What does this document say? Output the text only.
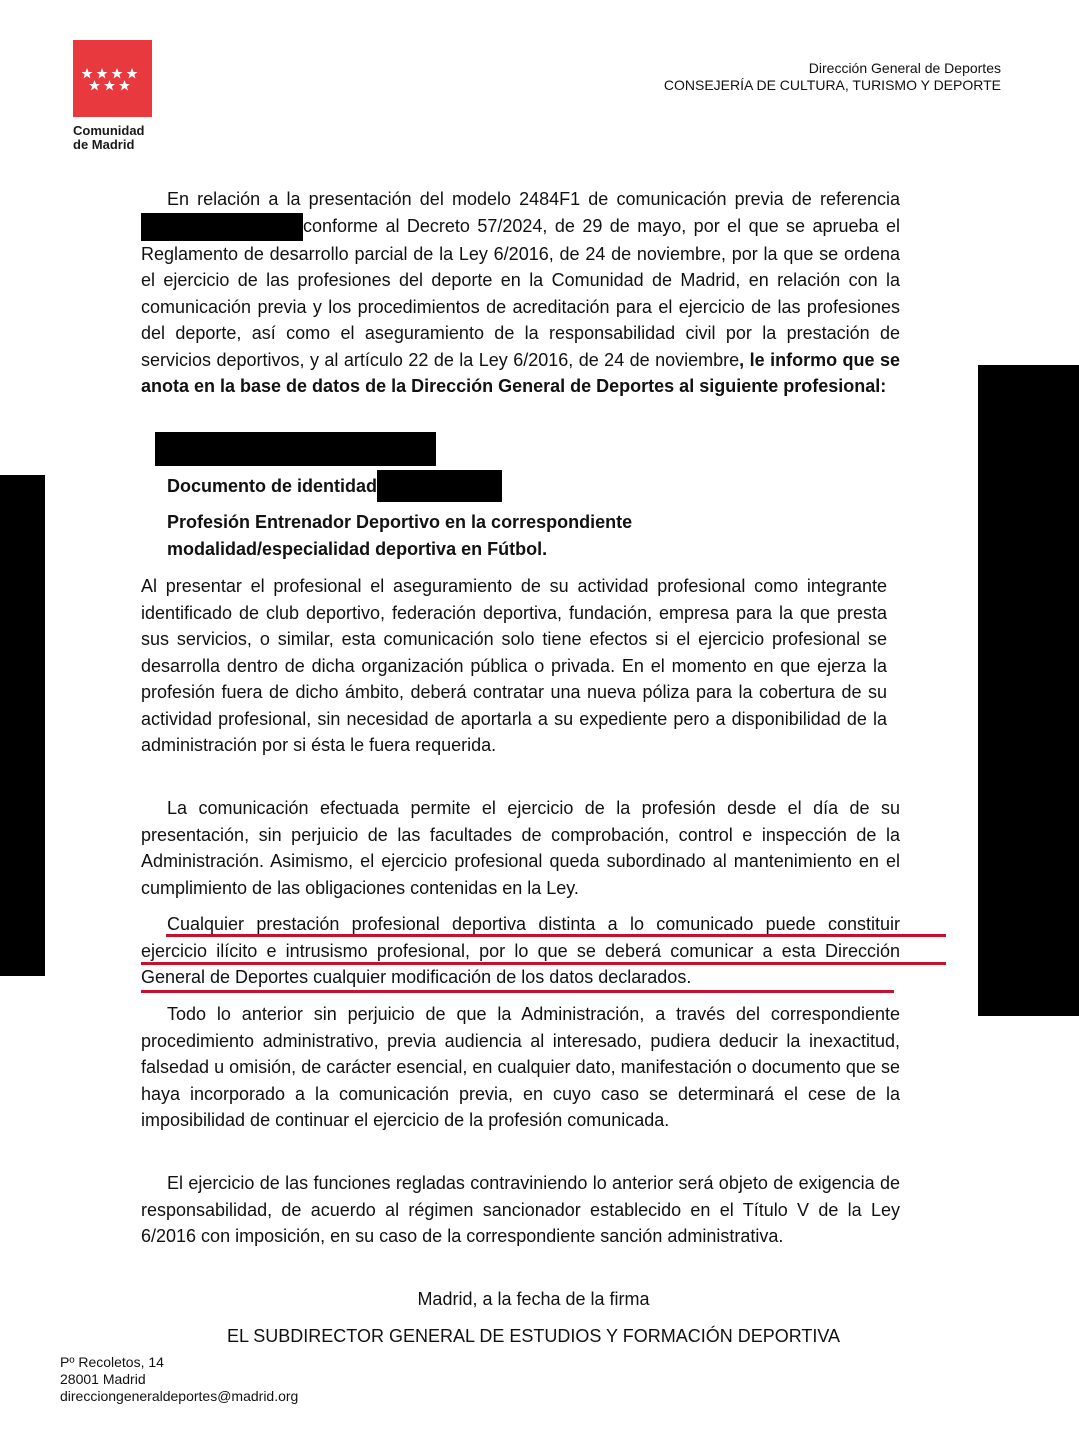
Comunidad
de Madrid
Dirección General de Deportes
CONSEJERÍA DE CULTURA, TURISMO Y DEPORTE
En relación a la presentación del modelo 2484F1 de comunicación previa de referenciaconforme al Decreto 57/2024, de 29 de mayo, por el que se aprueba el Reglamento de desarrollo parcial de la Ley 6/2016, de 24 de noviembre, por la que se ordena el ejercicio de las profesiones del deporte en la Comunidad de Madrid, en relación con la comunicación previa y los procedimientos de acreditación para el ejercicio de las profesiones del deporte, así como el aseguramiento de la responsabilidad civil por la prestación de servicios deportivos, y al artículo 22 de la Ley 6/2016, de 24 de noviembre, le informo que se anota en la base de datos de la Dirección General de Deportes al siguiente profesional:
Documento de identidad
Profesión Entrenador Deportivo en la correspondiente
modalidad/especialidad deportiva en Fútbol.
Al presentar el profesional el aseguramiento de su actividad profesional como integrante identificado de club deportivo, federación deportiva, fundación, empresa para la que presta sus servicios, o similar, esta comunicación solo tiene efectos si el ejercicio profesional se desarrolla dentro de dicha organización pública o privada. En el momento en que ejerza la profesión fuera de dicho ámbito, deberá contratar una nueva póliza para la cobertura de su actividad profesional, sin necesidad de aportarla a su expediente pero a disponibilidad de la administración por si ésta le fuera requerida.
La comunicación efectuada permite el ejercicio de la profesión desde el día de su presentación, sin perjuicio de las facultades de comprobación, control e inspección de la Administración. Asimismo, el ejercicio profesional queda subordinado al mantenimiento en el cumplimiento de las obligaciones contenidas en la Ley.
Cualquier prestación profesional deportiva distinta a lo comunicado puede constituir ejercicio ilícito e intrusismo profesional, por lo que se deberá comunicar a esta Dirección General de Deportes cualquier modificación de los datos declarados.
Todo lo anterior sin perjuicio de que la Administración, a través del correspondiente procedimiento administrativo, previa audiencia al interesado, pudiera deducir la inexactitud, falsedad u omisión, de carácter esencial, en cualquier dato, manifestación o documento que se haya incorporado a la comunicación previa, en cuyo caso se determinará el cese de la imposibilidad de continuar el ejercicio de la profesión comunicada.
El ejercicio de las funciones regladas contraviniendo lo anterior será objeto de exigencia de responsabilidad, de acuerdo al régimen sancionador establecido en el Título V de la Ley 6/2016 con imposición, en su caso de la correspondiente sanción administrativa.
Madrid, a la fecha de la firma
EL SUBDIRECTOR GENERAL DE ESTUDIOS Y FORMACIÓN DEPORTIVA
Pº Recoletos, 14
28001 Madrid
direcciongeneraldeportes@madrid.org
